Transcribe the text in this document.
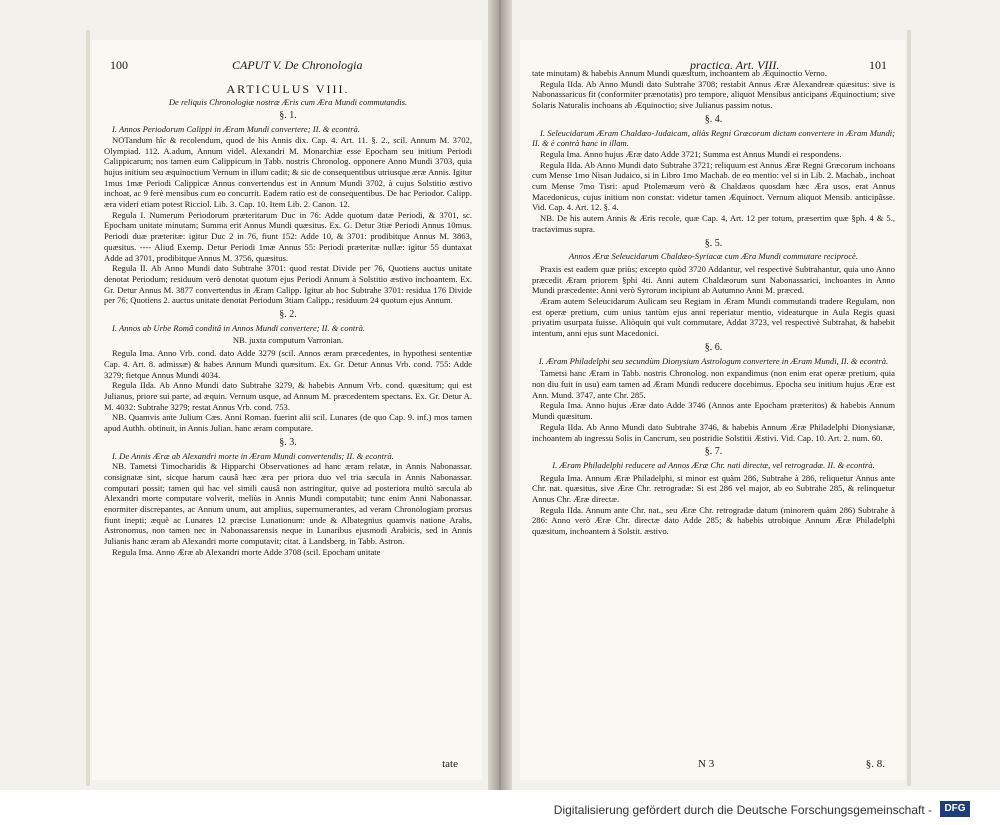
100	CAPUT V. De Chronologia

ARTICULUS VIII.

De reliquis Chronologiæ nostræ Æris cum Æra Mundi commutandis.

§. 1.

I. Annos Periodorum Calippi in Æram Mundi convertere; II. & econtrà.

NOTandum hîc & recolendum, quod de his Annis dix. Cap. 4. Art. 11. §. 2., scil. Annum M. 3702, Olympiad. 112. A.adum, Annum videl. Alexandri M. Monarchiæ esse Epocham seu initium Periodi Calippicarum; nos tamen eum Calippicum in Tabb. nostris Chronolog. opponere Anno Mundi 3703, quia hujus initium seu æquinoctium Vernum in illum cadit; & sic de consequentibus utriusque æræ Annis. Igitur 1mus 1mæ Periodi Calippicæ Annus convertendus est in Annum Mundi 3702, à cujus Solstitio æstivo inchoat, ac 9 ferè mensibus cum eo concurrit. Eadem ratio est de consequentibus. De hac Periodor. Calipp. æra videri etiam potest Ricciol. Lib. 3. Cap. 10. Item Lib. 2. Canon. 12.

Regula I. Numerum Periodorum præteritarum Duc in 76: Adde quotum datæ Periodi, & 3701, sc. Epocham unitate minutam; Summa erit Annus Mundi quæsitus. Ex. G. Detur 3tiæ Periodi Annus 10mus. Periodi duæ præteritæ: igitur Duc 2 in 76, fiunt 152: Adde 10, & 3701: prodibitque Annus M. 3863, quæsitus. ---- Aliud Exemp. Detur Periodi 1mæ Annus 55: Periodi præteritæ nullæ: igitur 55 duntaxat Adde ad 3701, prodibitque Annus M. 3756, quæsitus.

Regula II. Ab Anno Mundi dato Subtrahe 3701: quod restat Divide per 76, Quotiens auctus unitate denotat Periodum; residuum verò denotat quotum ejus Periodi Annum à Solstitio æstivo inchoantem. Ex. Gr. Detur Annus M. 3877 convertendus in Æram Calipp. Igitur ab hoc Subtrahe 3701: residua 176 Divide per 76; Quotiens 2. auctus unitate denotat Periodum 3tiam Calipp.; residuum 24 quotum ejus Annum.

§. 2.

I. Annos ab Urbe Româ conditâ in Annos Mundi convertere; II. & contrà.

NB. juxta computum Varronian.

Regula Ima. Anno Vrb. cond. dato Adde 3279 (scil. Annos æram præcedentes, in hypothesi sententiæ Cap. 4. Art. 8. admissæ) & habes Annum Mundi quæsitum. Ex. Gr. Detur Annus Vrb. cond. 755: Adde 3279; fietque Annus Mundi 4034.

Regula IIda. Ab Anno Mundi dato Subtrahe 3279, & habebis Annum Vrb. cond. quæsitum; qui est Julianus, priore sui parte, ad æquin. Vernum usque, ad Annum M. præcedentem spectans. Ex. Gr. Detur A. M. 4032: Subtrahe 3279; restat Annus Vrb. cond. 753.

NB. Quamvis ante Julium Cæs. Anni Roman. fuerint alii scil. Lunares (de quo Cap. 9. inf.) mos tamen apud Authh. obtinuit, in Annis Julian. hanc æram computare.

§. 3.

I. De Annis Æræ ab Alexandri morte in Æram Mundi convertendis; II. & econtrà.

NB. Tametsi Timocharidis & Hipparchi Observationes ad hanc æram relatæ, in Annis Nabonassar. consignatæ sint, sicque harum causâ hæc æra per priora duo vel tria sæcula in Annis Nabonassar. computari possit; tamen qui hac vel simili causâ non astringitur, quive ad posteriora multò sæcula ab Alexandri morte computare volverit, meliùs in Annis Mundi computabit; tunc enim Anni Nabonassar. enormiter discrepantes, ac Annum unum, aut amplius, supernumerantes, ad veram Chronologiam prorsus fiunt inepti; æquè ac Lunares 12 præcise Lunationum: unde & Albategnius quamvis natione Arabs, Astronomus, non tamen nec in Nabonassarensis neque in Lunaribus ejusmodi Arabicis, sed in Annis Julianis hanc æram ab Alexandri morte computavit; citat. à Landsberg. in Tabb. Astron.

Regula Ima. Anno Æræ ab Alexandri morte Adde 3708 (scil. Epocham unitate

tate
practica. Art. VIII.	101

tate minutam) & habebis Annum Mundi quæsitum, inchoantem ab Æquinoctio Verno.

Regula IIda. Ab Anno Mundi dato Subtrahe 3708; restabit Annus Æræ Alexandreæ quæsitus: sive is Nabonassaricus fit (conformiter prænotatis) pro tempore, aliquot Mensibus anticipans Æquinoctium; sive Solaris Naturalis inchoans ab Æquinoctio; sive Julianus passim notus.

§. 4.

I. Seleucidarum Æram Chaldæo-Judaicam, aliàs Regni Græcorum dictam convertere in Æram Mundi; II. & è contrà hanc in illam.

Regula Ima. Anno hujus Æræ dato Adde 3721; Summa est Annus Mundi ei respondens.

Regula IIda. Ab Anno Mundi dato Subtrahe 3721; reliquum est Annus Æræ Regni Græcorum inchoans cum Mense 1mo Nisan Judaico, si in Libro 1mo Machab. de eo mentio: vel si in Lib. 2. Machab., inchoat cum Mense 7mo Tisri: apud Ptolemæum verò & Chaldæos quosdam hæc Æra usos, erat Annus Macedonicus, cujus initium non constat: videtur tamen Æquinoct. Vernum aliquot Mensib. anticipâsse. Vid. Cap. 4. Art. 12. §. 4.

NB. De his autem Annis & Æris recole, quæ Cap. 4, Art. 12 per totum, præsertim quæ §ph. 4 & 5., tractavimus supra.

§. 5.

Annos Æræ Seleucidarum Chaldæo-Syriacæ cum Æra Mundi commutare reciprocè.

Praxis est eadem quæ priùs; excepto quòd 3720 Addantur, vel respectivè Subtrahantur, quia uno Anno præcedit Æram priorem §phi 4ti. Anni autem Chaldæorum sunt Nabonassarici, inchoantes in Anno Mundi præcedente: Anni verò Syrorum incipiunt ab Autumno Anni M. præced.

Æram autem Seleucidarum Aulicam seu Regiam in Æram Mundi commutandi tradere Regulam, non est operæ pretium, cum unius tantùm ejus anni reperiatur mentio, videaturque in Aula Regis quasi privatim usurpata fuisse. Aliòquin qui vult commutare, Addat 3723, vel respectivè Subtrahat, & habebit intentum, anni ejus sunt Macedonici.

§. 6.

I. Æram Philadelphi seu secundùm Dionysium Astrologum convertere in Æram Mundi, II. & econtrà.

Tametsi hanc Æram in Tabb. nostris Chronolog. non expandimus (non enim erat operæ pretium, quia non diu fuit in usu) eam tamen ad Æram Mundi reducere docebimus. Epocha seu initium hujus Æræ est Ann. Mund. 3747, ante Chr. 285.

Regula Ima. Anno hujus Æræ dato Adde 3746 (Annos ante Epocham præteritos) & habebis Annum Mundi quæsitum.

Regula IIda. Ab Anno Mundi dato Subtrahe 3746, & habebis Annum Æræ Philadelphi Dionysianæ, inchoantem ab ingressu Solis in Cancrum, seu postridie Solstitii Æstivi. Vid. Cap. 10. Art. 2. num. 60.

§. 7.

I. Æram Philadelphi reducere ad Annos Æræ Chr. nati directæ, vel retrogradæ. II. & econtrà.

Regula Ima. Annum Æræ Philadelphi, si minor est quàm 286, Subtrahe à 286, reliquetur Annus ante Chr. nat. quæsitus, sive Æræ Chr. retrogradæ: Si est 286 vel major, ab eo Subtrahe 285, & relinquetur Annus Chr. Æræ directæ.

Regula IIda. Annum ante Chr. nat., seu Æræ Chr. retrogradæ datum (minorem quàm 286) Subtrahe à 286: Anno verò Æræ Chr. directæ dato Adde 285; & habebis utrobique Annum Æræ Philadelphi quæsitum, inchoantem à Solstit. æstivo.

N 3	§. 8.
Digitalisierung gefördert durch die Deutsche Forschungsgemeinschaft -	DFG
